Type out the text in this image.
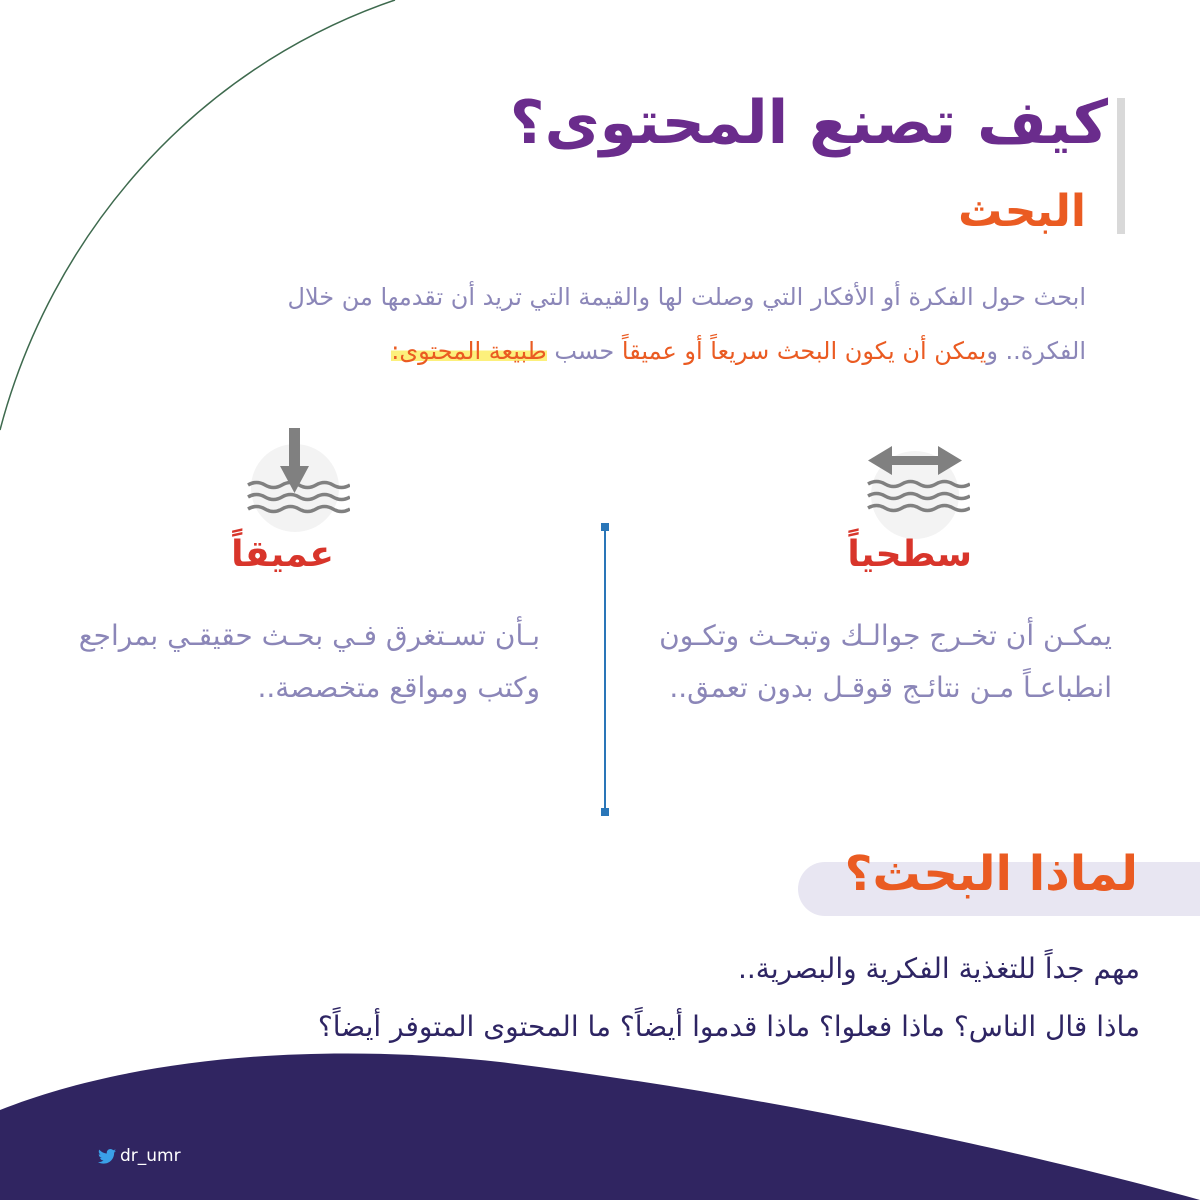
كيف تصنع المحتوى؟
البحث
ابحث حول الفكرة أو الأفكار التي وصلت لها والقيمة التي تريد أن تقدمها من خلال
الفكرة.. ويمكن أن يكون البحث سريعاً أو عميقاً حسب طبيعة المحتوى:
عميقاً	سطحياً
بـأن تسـتغرق فـي بحـث حقيقـي بمراجع وكتب ومواقع متخصصة..
يمكـن أن تخـرج جوالـك وتبحـث وتكـون انطباعـاً مـن نتائـج قوقـل بدون تعمق..
لماذا البحث؟
مهم جداً للتغذية الفكرية والبصرية..
ماذا قال الناس؟ ماذا فعلوا؟ ماذا قدموا أيضاً؟ ما المحتوى المتوفر أيضاً؟
dr_umr
